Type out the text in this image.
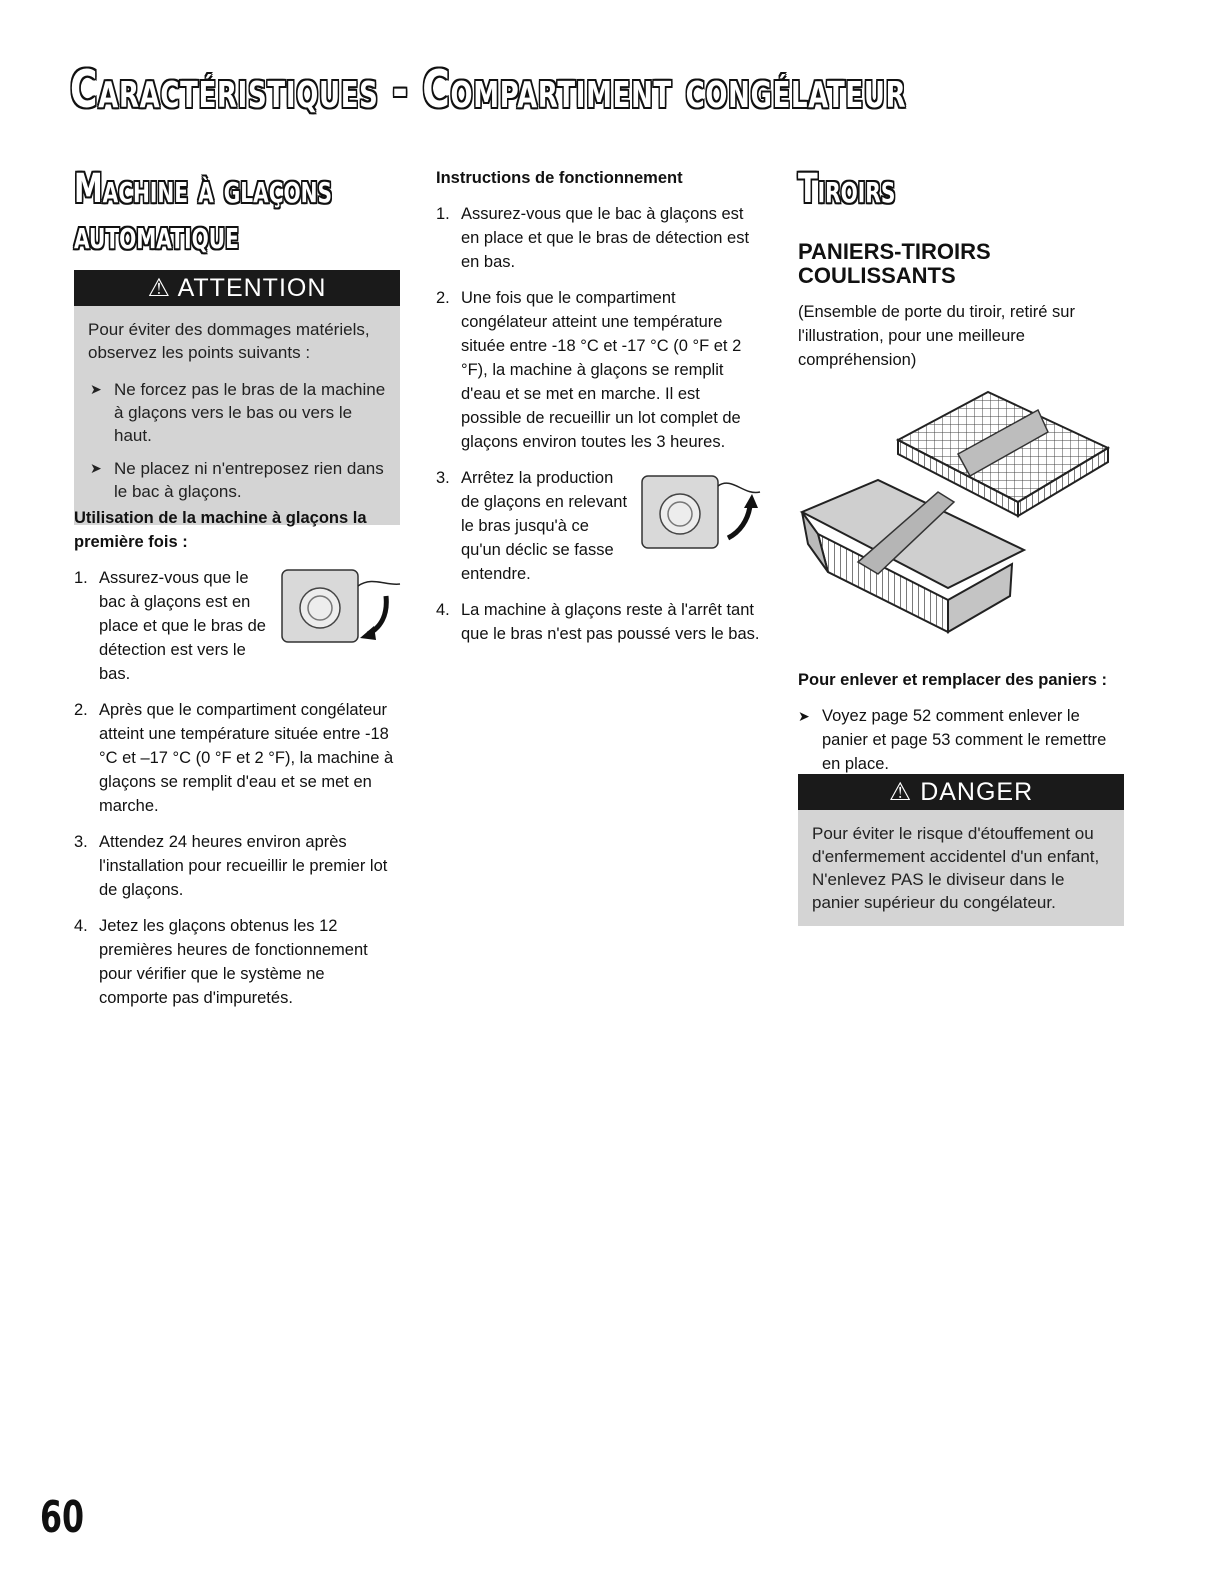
Caractéristiques - Compartiment congélateur
Machine à glaçons
automatique
⚠ ATTENTION
Pour éviter des dommages matériels, observez les points suivants :
➤ Ne forcez pas le bras de la machine à glaçons vers le bas ou vers le haut.
➤ Ne placez ni n'entreposez rien dans le bac à glaçons.

Utilisation de la machine à glaçons la première fois :

1. Assurez-vous que le bac à glaçons est en place et que le bras de détection est vers le bas.
2. Après que le compartiment congélateur atteint une température située entre -18 °C et –17 °C (0 °F et 2 °F), la machine à glaçons se remplit d'eau et se met en marche.
3. Attendez 24 heures environ après l'installation pour recueillir le premier lot de glaçons.
4. Jetez les glaçons obtenus les 12 premières heures de fonctionnement pour vérifier que le système ne comporte pas d'impuretés.

Instructions de fonctionnement

1. Assurez-vous que le bac à glaçons est en place et que le bras de détection est en bas.
2. Une fois que le compartiment congélateur atteint une température située entre -18 °C et -17 °C (0 °F et 2 °F), la machine à glaçons se remplit d'eau et se met en marche. Il est possible de recueillir un lot complet de glaçons environ toutes les 3 heures.
3. Arrêtez la production de glaçons en relevant le bras jusqu'à ce qu'un déclic se fasse entendre.
4. La machine à glaçons reste à l'arrêt tant que le bras n'est pas poussé vers le bas.
Tiroirs

PANIERS-TIROIRS COULISSANTS

(Ensemble de porte du tiroir, retiré sur l'illustration, pour une meilleure compréhension)

Pour enlever et remplacer des paniers :

➤ Voyez page 52 comment enlever le panier et page 53 comment le remettre en place.

⚠ DANGER
Pour éviter le risque d'étouffement ou d'enfermement accidentel d'un enfant, N'enlevez PAS le diviseur dans le panier supérieur du congélateur.

60
